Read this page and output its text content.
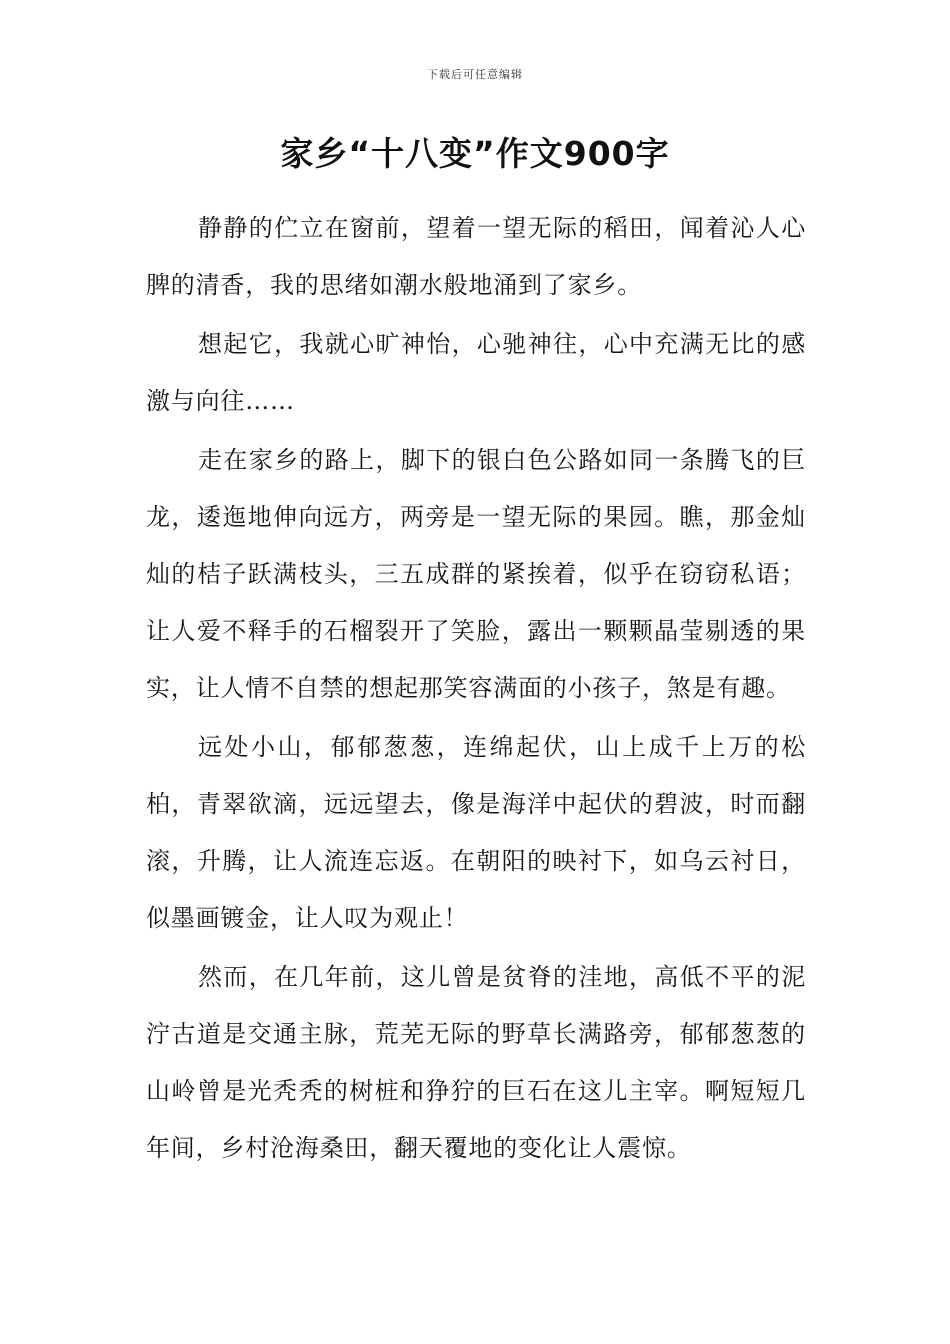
下载后可任意编辑
家乡“十八变”作文900字

静静的伫立在窗前，望着一望无际的稻田，闻着沁人心脾的清香，我的思绪如潮水般地涌到了家乡。

想起它，我就心旷神怡，心驰神往，心中充满无比的感激与向往……

走在家乡的路上，脚下的银白色公路如同一条腾飞的巨龙，逶迤地伸向远方，两旁是一望无际的果园。瞧，那金灿灿的桔子跃满枝头，三五成群的紧挨着，似乎在窃窃私语；让人爱不释手的石榴裂开了笑脸，露出一颗颗晶莹剔透的果实，让人情不自禁的想起那笑容满面的小孩子，煞是有趣。

远处小山，郁郁葱葱，连绵起伏，山上成千上万的松柏，青翠欲滴，远远望去，像是海洋中起伏的碧波，时而翻滚，升腾，让人流连忘返。在朝阳的映衬下，如乌云衬日，似墨画镀金，让人叹为观止！

然而，在几年前，这儿曾是贫脊的洼地，高低不平的泥泞古道是交通主脉，荒芜无际的野草长满路旁，郁郁葱葱的山岭曾是光秃秃的树桩和狰狞的巨石在这儿主宰。啊短短几年间，乡村沧海桑田，翻天覆地的变化让人震惊。
